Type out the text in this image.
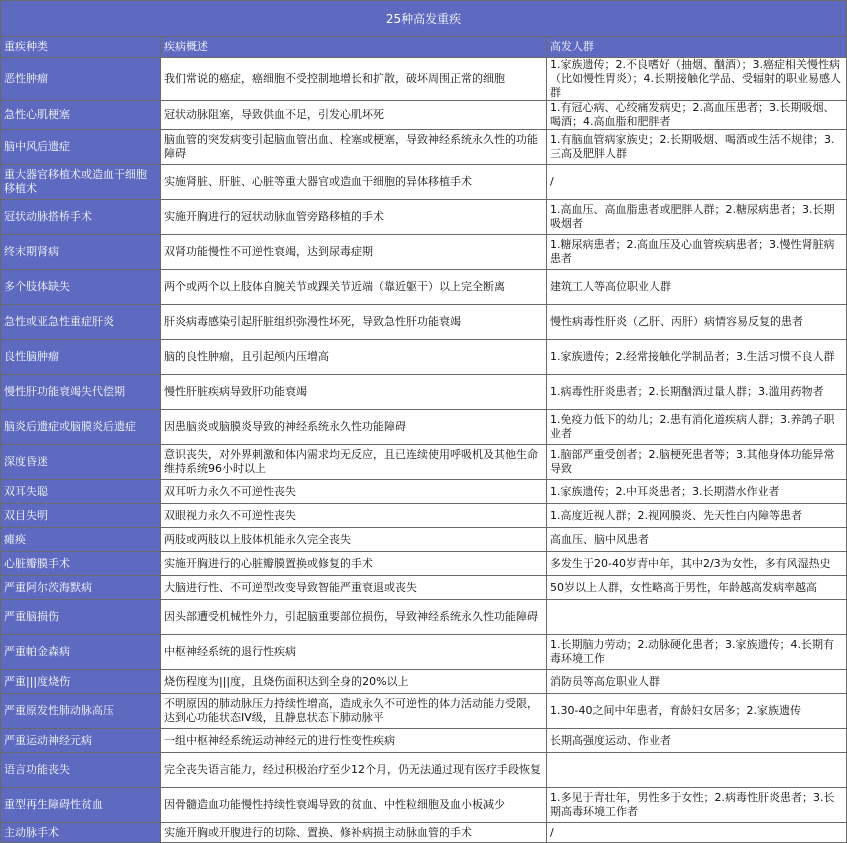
25种高发重疾		
重疾种类	疾病概述	高发人群
恶性肿瘤	我们常说的癌症，癌细胞不受控制地增长和扩散，破坏周围正常的细胞	1.家族遗传；2.不良嗜好（抽烟、酗酒）；3.癌症相关慢性病（比如慢性胃炎）；4.长期接触化学品、受辐射的职业易感人群
急性心肌梗塞	冠状动脉阻塞，导致供血不足，引发心肌坏死	1.有冠心病、心绞痛发病史；2.高血压患者；3.长期吸烟、喝酒；4.高血脂和肥胖者
脑中风后遗症	脑血管的突发病变引起脑血管出血、栓塞或梗塞，导致神经系统永久性的功能障碍	1.有脑血管病家族史；2.长期吸烟、喝酒或生活不规律；3.三高及肥胖人群
重大器官移植术或造血干细胞移植术	实施肾脏、肝脏、心脏等重大器官或造血干细胞的异体移植手术	/
冠状动脉搭桥手术	实施开胸进行的冠状动脉血管旁路移植的手术	1.高血压、高血脂患者或肥胖人群；2.糖尿病患者；3.长期吸烟者
终末期肾病	双肾功能慢性不可逆性衰竭，达到尿毒症期	1.糖尿病患者；2.高血压及心血管疾病患者；3.慢性肾脏病患者
多个肢体缺失	两个或两个以上肢体自腕关节或踝关节近端（靠近躯干）以上完全断离	建筑工人等高位职业人群
急性或亚急性重症肝炎	肝炎病毒感染引起肝脏组织弥漫性坏死，导致急性肝功能衰竭	慢性病毒性肝炎（乙肝、丙肝）病情容易反复的患者
良性脑肿瘤	脑的良性肿瘤，且引起颅内压增高	1.家族遗传；2.经常接触化学制品者；3.生活习惯不良人群
慢性肝功能衰竭失代偿期	慢性肝脏疾病导致肝功能衰竭	1.病毒性肝炎患者；2.长期酗酒过量人群；3.滥用药物者
脑炎后遗症或脑膜炎后遗症	因患脑炎或脑膜炎导致的神经系统永久性功能障碍	1.免疫力低下的幼儿；2.患有消化道疾病人群；3.养鸽子职业者
深度昏迷	意识丧失，对外界刺激和体内需求均无反应，且已连续使用呼吸机及其他生命维持系统96小时以上	1.脑部严重受创者；2.脑梗死患者等；3.其他身体功能异常导致
双耳失聪	双耳听力永久不可逆性丧失	1.家族遗传；2.中耳炎患者；3.长期潜水作业者
双目失明	双眼视力永久不可逆性丧失	1.高度近视人群；2.视网膜炎、先天性白内障等患者
瘫痪	两肢或两肢以上肢体机能永久完全丧失	高血压、脑中风患者
心脏瓣膜手术	实施开胸进行的心脏瓣膜置换或修复的手术	多发生于20-40岁青中年，其中2/3为女性，多有风湿热史
严重阿尔茨海默病	大脑进行性、不可逆型改变导致智能严重衰退或丧失	50岁以上人群，女性略高于男性，年龄越高发病率越高
严重脑损伤	因头部遭受机械性外力，引起脑重要部位损伤，导致神经系统永久性功能障碍	
严重帕金森病	中枢神经系统的退行性疾病	1.长期脑力劳动；2.动脉硬化患者；3.家族遗传；4.长期有毒环境工作
严重|||度烧伤	烧伤程度为|||度，且烧伤面积达到全身的20%以上	消防员等高危职业人群
严重原发性肺动脉高压	不明原因的肺动脉压力持续性增高，造成永久不可逆性的体力活动能力受限，达到心功能状态IV级，且静息状态下肺动脉平	1.30-40之间中年患者，育龄妇女居多；2.家族遗传
严重运动神经元病	一组中枢神经系统运动神经元的进行性变性疾病	长期高强度运动、作业者
语言功能丧失	完全丧失语言能力，经过积极治疗至少12个月，仍无法通过现有医疗手段恢复	
重型再生障碍性贫血	因骨髓造血功能慢性持续性衰竭导致的贫血、中性粒细胞及血小板减少	1.多见于青壮年，男性多于女性；2.病毒性肝炎患者；3.长期高毒环境工作者
主动脉手术	实施开胸或开腹进行的切除、置换、修补病损主动脉血管的手术	/
